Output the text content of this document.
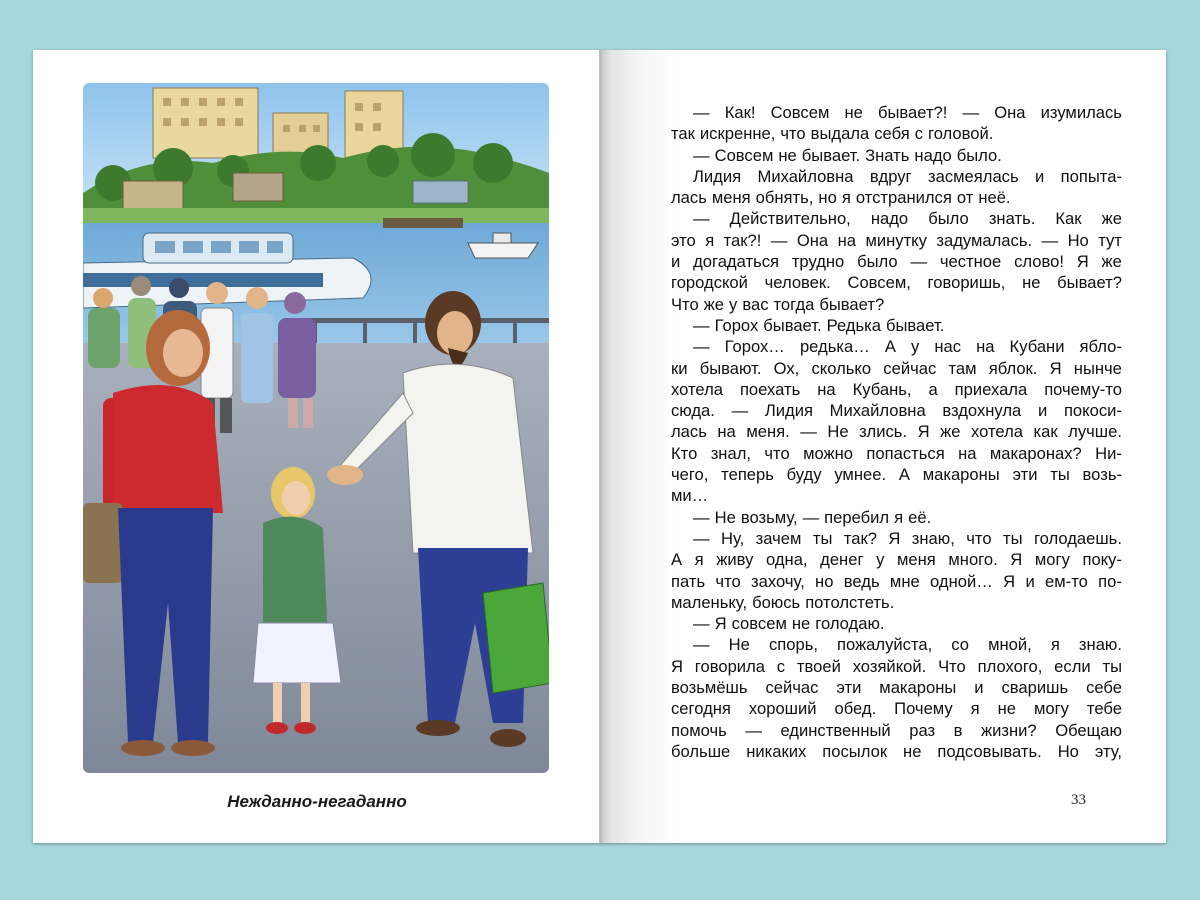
Нежданно-негаданно
— Как! Совсем не бывает?! — Она изумилась
так искренне, что выдала себя с головой.
— Совсем не бывает. Знать надо было.
Лидия Михайловна вдруг засмеялась и попыта-
лась меня обнять, но я отстранился от неё.
— Действительно, надо было знать. Как же
это я так?! — Она на минутку задумалась. — Но тут
и догадаться трудно было — честное слово! Я же
городской человек. Совсем, говоришь, не бывает?
Что же у вас тогда бывает?
— Горох бывает. Редька бывает.
— Горох… редька… А у нас на Кубани ябло-
ки бывают. Ох, сколько сейчас там яблок. Я нынче
хотела поехать на Кубань, а приехала почему-то
сюда. — Лидия Михайловна вздохнула и покоси-
лась на меня. — Не злись. Я же хотела как лучше.
Кто знал, что можно попасться на макаронах? Ни-
чего, теперь буду умнее. А макароны эти ты возь-
ми…
— Не возьму, — перебил я её.
— Ну, зачем ты так? Я знаю, что ты голодаешь.
А я живу одна, денег у меня много. Я могу поку-
пать что захочу, но ведь мне одной… Я и ем-то по-
маленьку, боюсь потолстеть.
— Я совсем не голодаю.
— Не спорь, пожалуйста, со мной, я знаю.
Я говорила с твоей хозяйкой. Что плохого, если ты
возьмёшь сейчас эти макароны и сваришь себе
сегодня хороший обед. Почему я не могу тебе
помочь — единственный раз в жизни? Обещаю
больше никаких посылок не подсовывать. Но эту,
33
